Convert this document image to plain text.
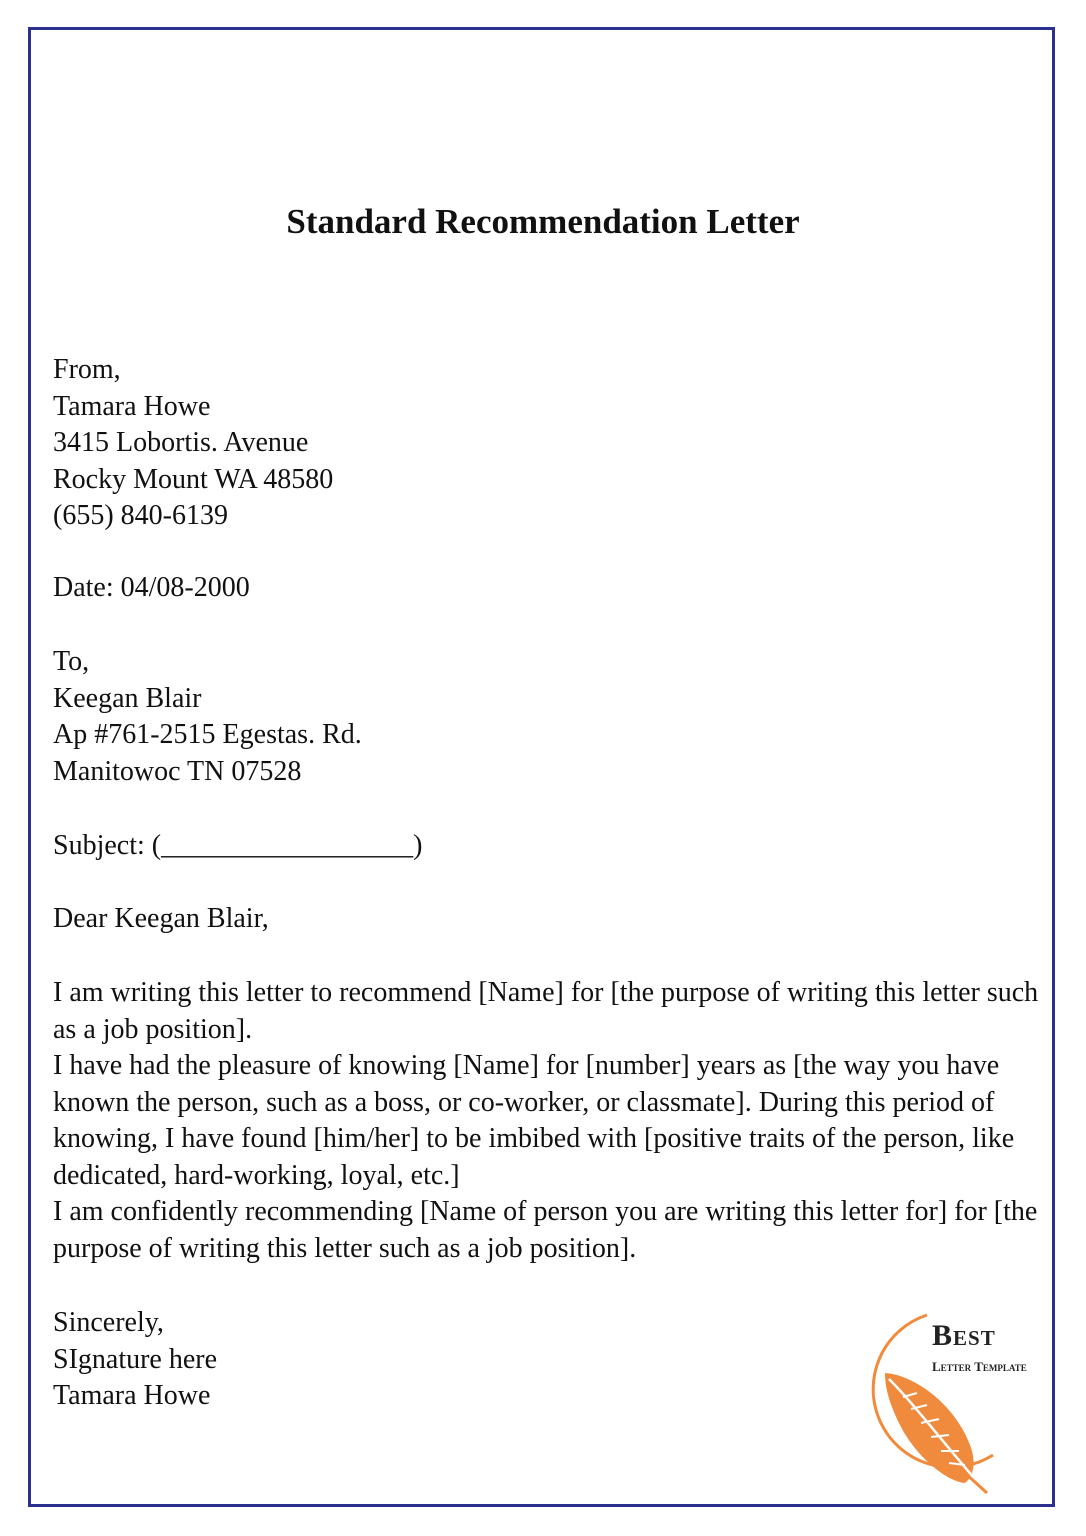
Standard Recommendation Letter
From,
Tamara Howe
3415 Lobortis. Avenue
Rocky Mount WA 48580
(655) 840-6139
Date: 04/08-2000
To,
Keegan Blair
Ap #761-2515 Egestas. Rd.
Manitowoc TN 07528
Subject: (__________________)
Dear Keegan Blair,

I am writing this letter to recommend [Name] for [the purpose of writing this letter such as a job position].

I have had the pleasure of knowing [Name] for [number] years as [the way you have known the person, such as a boss, or co-worker, or classmate]. During this period of knowing, I have found [him/her] to be imbibed with [positive traits of the person, like dedicated, hard-working, loyal, etc.]

I am confidently recommending [Name of person you are writing this letter for] for [the purpose of writing this letter such as a job position].

Sincerely,
SIgnature here
Tamara Howe
Best
Letter Template
